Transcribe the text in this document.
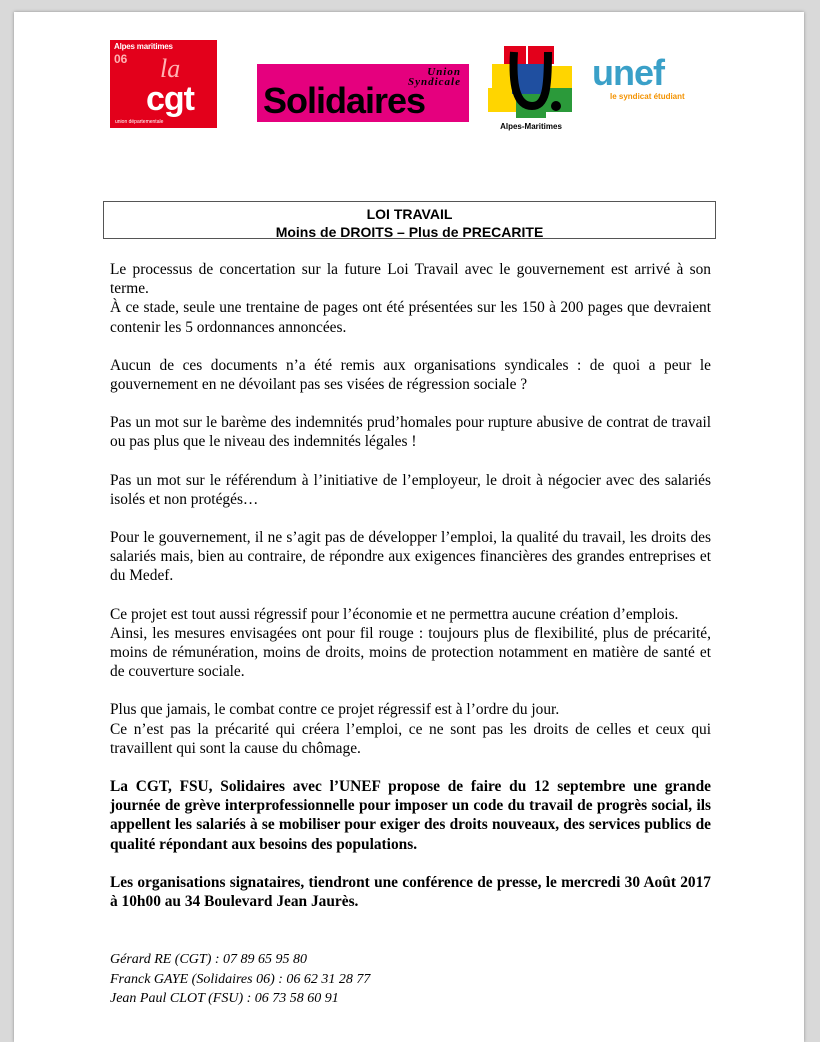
Alpes maritimes
06 la
cgt
union départementale
Union
Syndicale
Solidaires
Alpes-Maritimes
unef
le syndicat étudiant
LOI TRAVAIL
Moins de DROITS – Plus de PRECARITE

Le processus de concertation sur la future Loi Travail avec le gouvernement est arrivé à son terme.
À ce stade, seule une trentaine de pages ont été présentées sur les 150 à 200 pages que devraient contenir les 5 ordonnances annoncées.

Aucun de ces documents n’a été remis aux organisations syndicales : de quoi a peur le gouvernement en ne dévoilant pas ses visées de régression sociale ?

Pas un mot sur le barème des indemnités prud’homales pour rupture abusive de contrat de travail ou pas plus que le niveau des indemnités légales !

Pas un mot sur le référendum à l’initiative de l’employeur, le droit à négocier avec des salariés isolés et non protégés…

Pour le gouvernement, il ne s’agit pas de développer l’emploi, la qualité du travail, les droits des salariés mais, bien au contraire, de répondre aux exigences financières des grandes entreprises et du Medef.

Ce projet est tout aussi régressif pour l’économie et ne permettra aucune création d’emplois.
Ainsi, les mesures envisagées ont pour fil rouge : toujours plus de flexibilité, plus de précarité, moins de rémunération, moins de droits, moins de protection notamment en matière de santé et de couverture sociale.

Plus que jamais, le combat contre ce projet régressif est à l’ordre du jour.
Ce n’est pas la précarité qui créera l’emploi, ce ne sont pas les droits de celles et ceux qui travaillent qui sont la cause du chômage.

La CGT, FSU, Solidaires avec l’UNEF propose de faire du 12 septembre une grande journée de grève interprofessionnelle pour imposer un code du travail de progrès social, ils appellent les salariés à se mobiliser pour exiger des droits nouveaux, des services publics de qualité répondant aux besoins des populations.

Les organisations signataires, tiendront une conférence de presse, le mercredi 30 Août 2017 à 10h00 au 34 Boulevard Jean Jaurès.

Gérard RE (CGT) : 07 89 65 95 80
Franck GAYE (Solidaires 06) : 06 62 31 28 77
Jean Paul CLOT (FSU) : 06 73 58 60 91
